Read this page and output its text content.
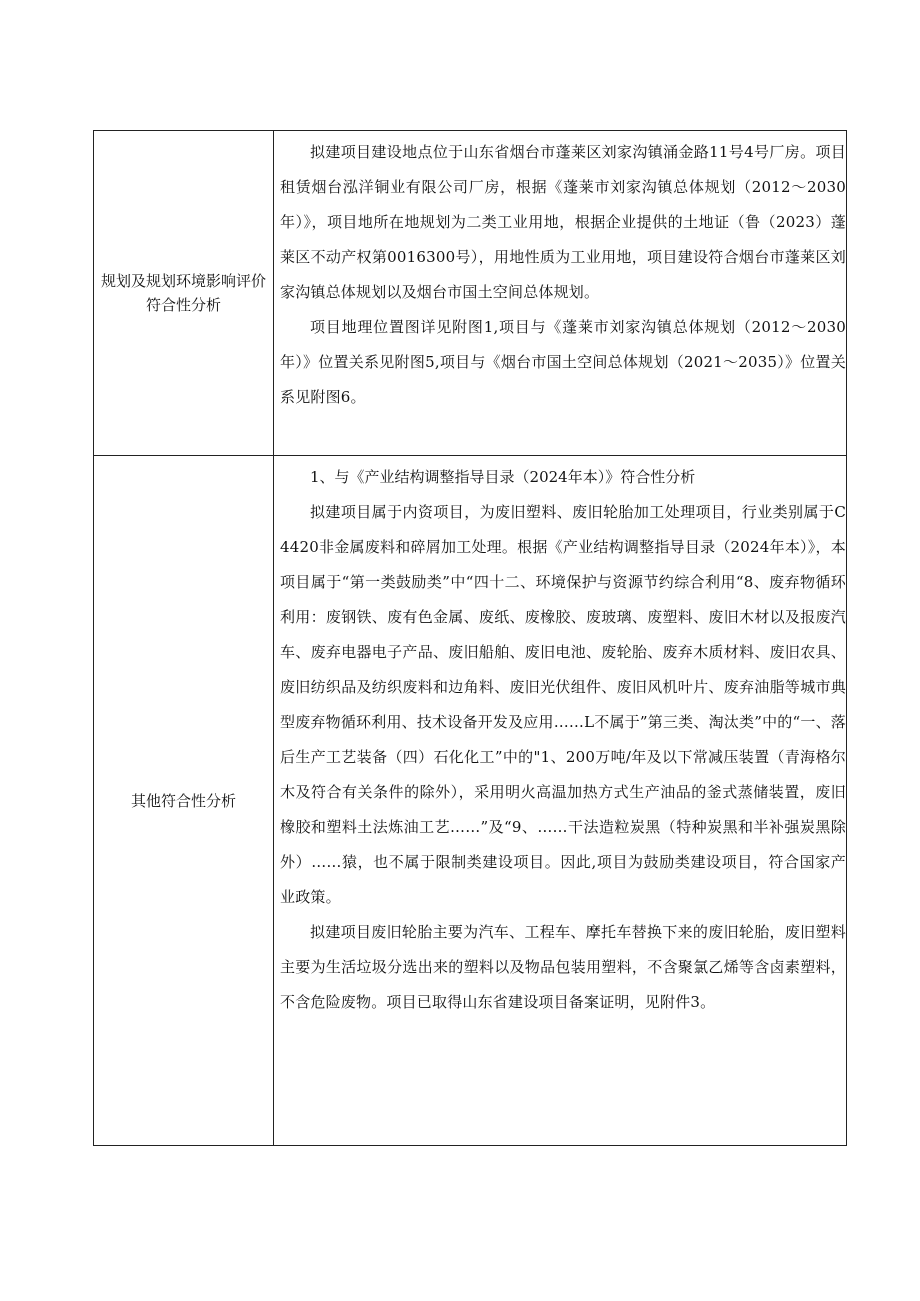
规划及规划环境影响评价符合性分析	拟建项目建设地点位于山东省烟台市蓬莱区刘家沟镇涌金路11号4号厂房。项目租赁烟台泓洋铜业有限公司厂房，根据《蓬莱市刘家沟镇总体规划（2012～2030年）》，项目地所在地规划为二类工业用地，根据企业提供的土地证（鲁（2023）蓬莱区不动产权第0016300号），用地性质为工业用地，项目建设符合烟台市蓬莱区刘家沟镇总体规划以及烟台市国土空间总体规划。

项目地理位置图详见附图1,项目与《蓬莱市刘家沟镇总体规划（2012～2030年）》位置关系见附图5,项目与《烟台市国土空间总体规划（2021～2035）》位置关系见附图6。

其他符合性分析	1、与《产业结构调整指导目录（2024年本）》符合性分析

拟建项目属于内资项目，为废旧塑料、废旧轮胎加工处理项目，行业类别属于C4420非金属废料和碎屑加工处理。根据《产业结构调整指导目录（2024年本）》，本项目属于“第一类鼓励类”中“四十二、环境保护与资源节约综合利用“8、废弃物循环利用：废钢铁、废有色金属、废纸、废橡胶、废玻璃、废塑料、废旧木材以及报废汽车、废弃电器电子产品、废旧船舶、废旧电池、废轮胎、废弃木质材料、废旧农具、废旧纺织品及纺织废料和边角料、废旧光伏组件、废旧风机叶片、废弃油脂等城市典型废弃物循环利用、技术设备开发及应用……L不属于”第三类、淘汰类”中的“一、落后生产工艺装备（四）石化化工”中的"1、200万吨/年及以下常减压装置（青海格尔木及符合有关条件的除外），采用明火高温加热方式生产油品的釜式蒸储装置，废旧橡胶和塑料土法炼油工艺……”及“9、……干法造粒炭黑（特种炭黑和半补强炭黑除外）……猿，也不属于限制类建设项目。因此,项目为鼓励类建设项目，符合国家产业政策。

拟建项目废旧轮胎主要为汽车、工程车、摩托车替换下来的废旧轮胎，废旧塑料主要为生活垃圾分选出来的塑料以及物品包装用塑料，不含聚氯乙烯等含卤素塑料，不含危险废物。项目已取得山东省建设项目备案证明，见附件3。
